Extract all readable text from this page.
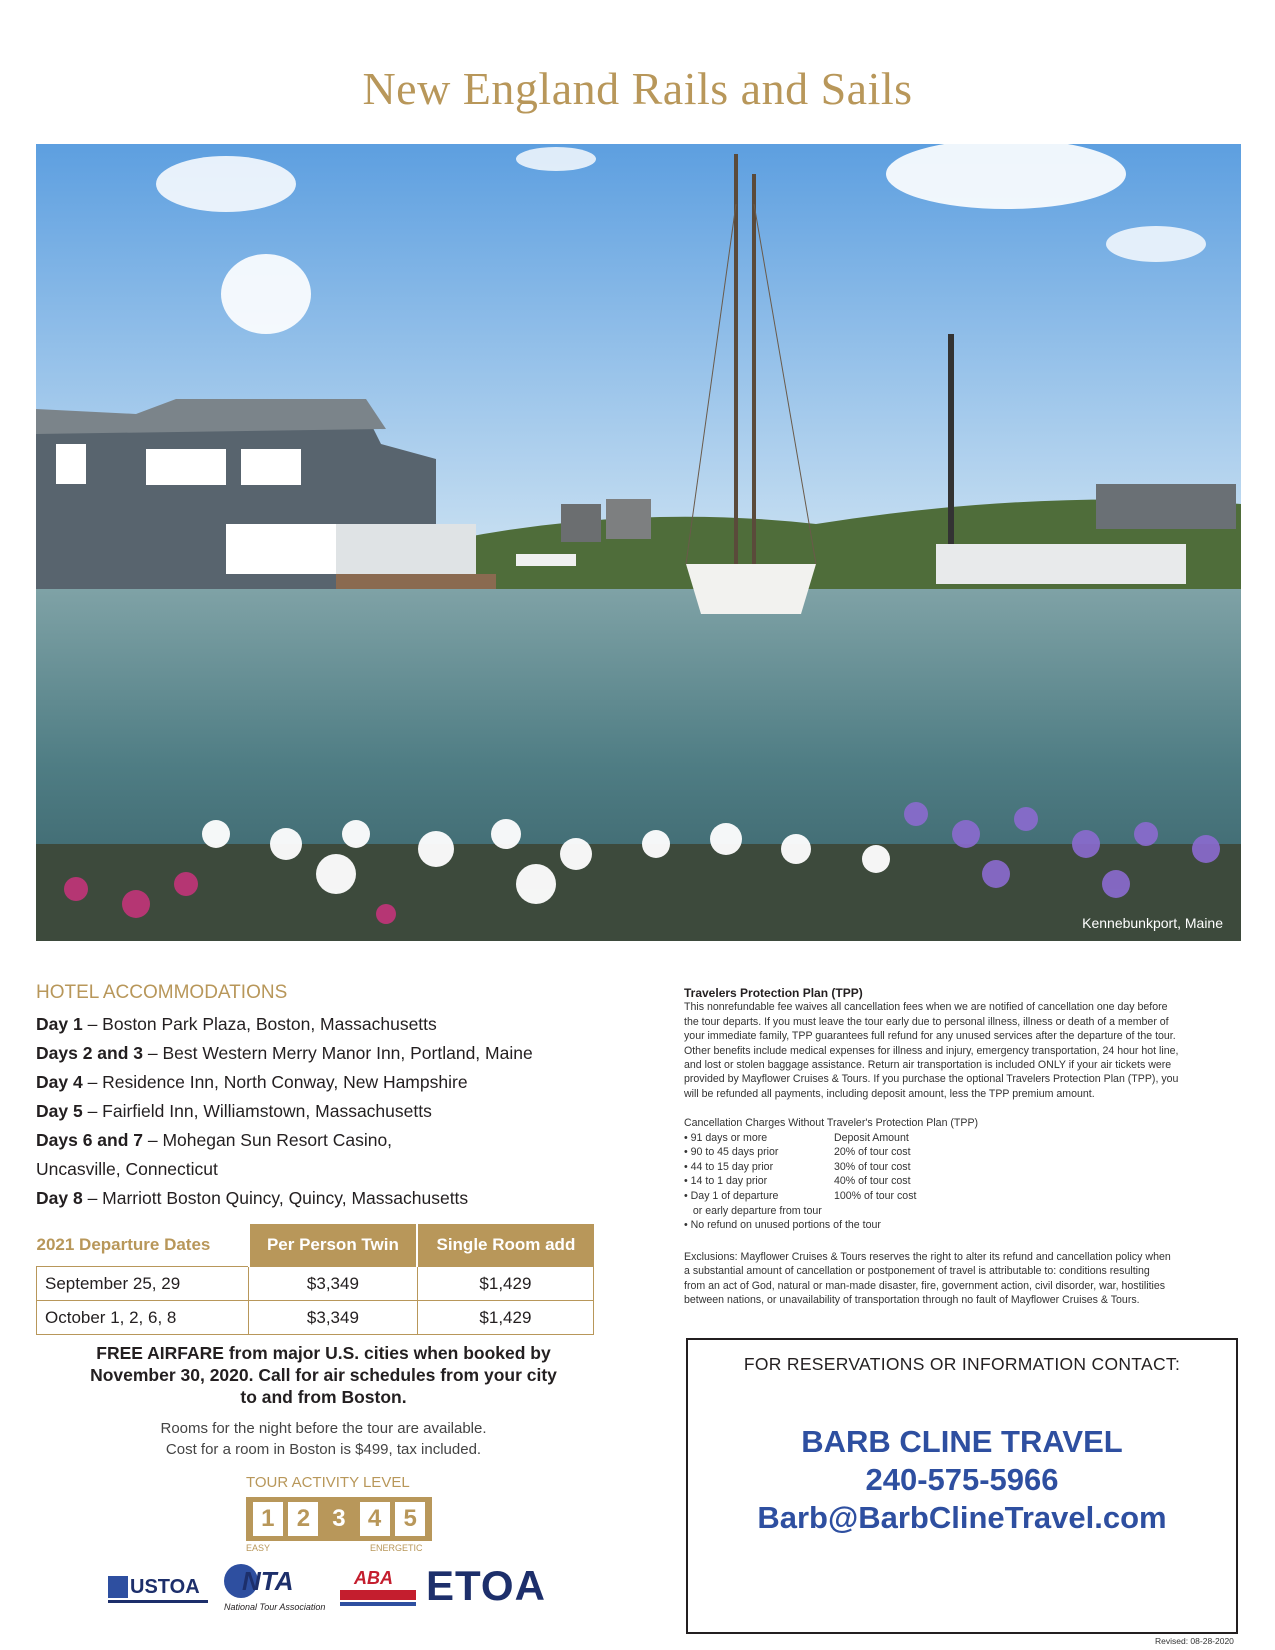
New England Rails and Sails
Kennebunkport, Maine
HOTEL ACCOMMODATIONS
Day 1 – Boston Park Plaza, Boston, Massachusetts
Days 2 and 3 – Best Western Merry Manor Inn, Portland, Maine
Day 4 – Residence Inn, North Conway, New Hampshire
Day 5 – Fairfield Inn, Williamstown, Massachusetts
Days 6 and 7 – Mohegan Sun Resort Casino,
Uncasville, Connecticut
Day 8 – Marriott Boston Quincy, Quincy, Massachusetts
2021 Departure Dates	Per Person Twin	Single Room add
September 25, 29	$3,349	$1,429
October 1, 2, 6, 8	$3,349	$1,429
FREE AIRFARE from major U.S. cities when booked by
November 30, 2020. Call for air schedules from your city
to and from Boston.
Rooms for the night before the tour are available.
Cost for a room in Boston is $499, tax included.
TOUR ACTIVITY LEVEL
1 2 3 4 5
EASY	ENERGETIC
USTOA NTA
National Tour Association
ABA ETOA
Travelers Protection Plan (TPP)
This nonrefundable fee waives all cancellation fees when we are notified of cancellation one day before
the tour departs. If you must leave the tour early due to personal illness, illness or death of a member of
your immediate family, TPP guarantees full refund for any unused services after the departure of the tour.
Other benefits include medical expenses for illness and injury, emergency transportation, 24 hour hot line,
and lost or stolen baggage assistance. Return air transportation is included ONLY if your air tickets were
provided by Mayflower Cruises & Tours. If you purchase the optional Travelers Protection Plan (TPP), you
will be refunded all payments, including deposit amount, less the TPP premium amount.
Cancellation Charges Without Traveler's Protection Plan (TPP)
• 91 days or more	Deposit Amount
• 90 to 45 days prior	20% of tour cost
• 44 to 15 day prior	30% of tour cost
• 14 to 1 day prior	40% of tour cost
• Day 1 of departure	100% of tour cost
or early departure from tour
• No refund on unused portions of the tour
Exclusions: Mayflower Cruises & Tours reserves the right to alter its refund and cancellation policy when
a substantial amount of cancellation or postponement of travel is attributable to: conditions resulting
from an act of God, natural or man-made disaster, fire, government action, civil disorder, war, hostilities
between nations, or unavailability of transportation through no fault of Mayflower Cruises & Tours.
FOR RESERVATIONS OR INFORMATION CONTACT:
BARB CLINE TRAVEL
240-575-5966
Barb@BarbClineTravel.com
Revised: 08-28-2020
